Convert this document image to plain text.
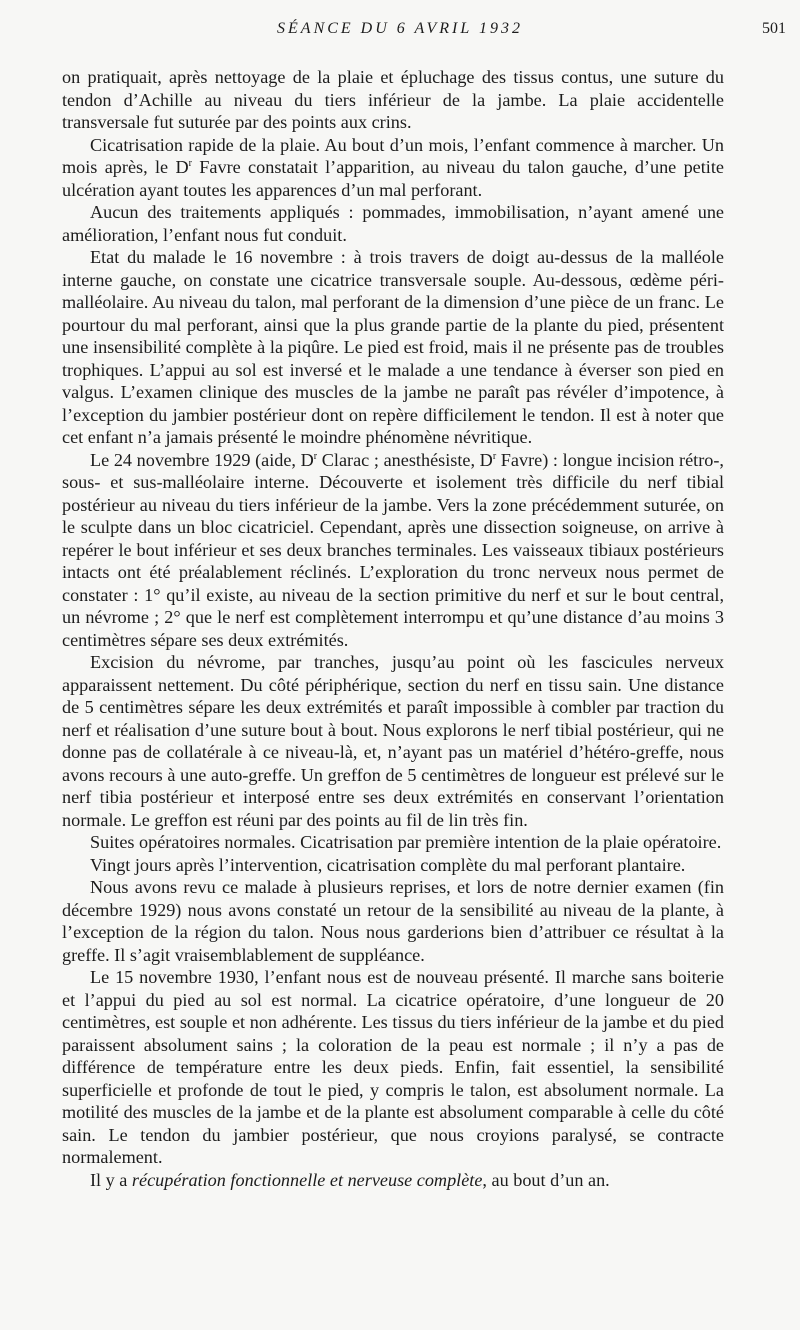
SÉANCE DU 6 AVRIL 1932	501

on pratiquait, après nettoyage de la plaie et épluchage des tissus contus, une suture du tendon d’Achille au niveau du tiers inférieur de la jambe. La plaie accidentelle transversale fut suturée par des points aux crins.

Cicatrisation rapide de la plaie. Au bout d’un mois, l’enfant commence à marcher. Un mois après, le $D^r$ Favre constatait l’apparition, au niveau du talon gauche, d’une petite ulcération ayant toutes les apparences d’un mal perforant.

Aucun des traitements appliqués : pommades, immobilisation, n’ayant amené une amélioration, l’enfant nous fut conduit.

Etat du malade le 16 novembre : à trois travers de doigt au-dessus de la malléole interne gauche, on constate une cicatrice transversale souple. Au-dessous, œdème péri-malléolaire. Au niveau du talon, mal perforant de la dimension d’une pièce de un franc. Le pourtour du mal perforant, ainsi que la plus grande partie de la plante du pied, présentent une insensibilité complète à la piqûre. Le pied est froid, mais il ne présente pas de troubles trophiques. L’appui au sol est inversé et le malade a une tendance à éverser son pied en valgus. L’examen clinique des muscles de la jambe ne paraît pas révéler d’impotence, à l’exception du jambier postérieur dont on repère difficilement le tendon. Il est à noter que cet enfant n’a jamais présenté le moindre phénomène névritique.

Le 24 novembre 1929 (aide, $D^r$ Clarac ; anesthésiste, $D^r$ Favre) : longue incision rétro-, sous- et sus-malléolaire interne. Découverte et isolement très difficile du nerf tibial postérieur au niveau du tiers inférieur de la jambe. Vers la zone précédemment suturée, on le sculpte dans un bloc cicatriciel. Cependant, après une dissection soigneuse, on arrive à repérer le bout inférieur et ses deux branches terminales. Les vaisseaux tibiaux postérieurs intacts ont été préalablement réclinés. L’exploration du tronc nerveux nous permet de constater : 1° qu’il existe, au niveau de la section primitive du nerf et sur le bout central, un névrome ; 2° que le nerf est complètement interrompu et qu’une distance d’au moins 3 centimètres sépare ses deux extrémités.

Excision du névrome, par tranches, jusqu’au point où les fascicules nerveux apparaissent nettement. Du côté périphérique, section du nerf en tissu sain. Une distance de 5 centimètres sépare les deux extrémités et paraît impossible à combler par traction du nerf et réalisation d’une suture bout à bout. Nous explorons le nerf tibial postérieur, qui ne donne pas de collatérale à ce niveau-là, et, n’ayant pas un matériel d’hétéro-greffe, nous avons recours à une auto-greffe. Un greffon de 5 centimètres de longueur est prélevé sur le nerf tibia postérieur et interposé entre ses deux extrémités en conservant l’orientation normale. Le greffon est réuni par des points au fil de lin très fin.

Suites opératoires normales. Cicatrisation par première intention de la plaie opératoire.

Vingt jours après l’intervention, cicatrisation complète du mal perforant plantaire.

Nous avons revu ce malade à plusieurs reprises, et lors de notre dernier examen (fin décembre 1929) nous avons constaté un retour de la sensibilité au niveau de la plante, à l’exception de la région du talon. Nous nous garderions bien d’attribuer ce résultat à la greffe. Il s’agit vraisemblablement de suppléance.

Le 15 novembre 1930, l’enfant nous est de nouveau présenté. Il marche sans boiterie et l’appui du pied au sol est normal. La cicatrice opératoire, d’une longueur de 20 centimètres, est souple et non adhérente. Les tissus du tiers inférieur de la jambe et du pied paraissent absolument sains ; la coloration de la peau est normale ; il n’y a pas de différence de température entre les deux pieds. Enfin, fait essentiel, la sensibilité superficielle et profonde de tout le pied, y compris le talon, est absolument normale. La motilité des muscles de la jambe et de la plante est absolument comparable à celle du côté sain. Le tendon du jambier postérieur, que nous croyions paralysé, se contracte normalement.

Il y a récupération fonctionnelle et nerveuse complète, au bout d’un an.
